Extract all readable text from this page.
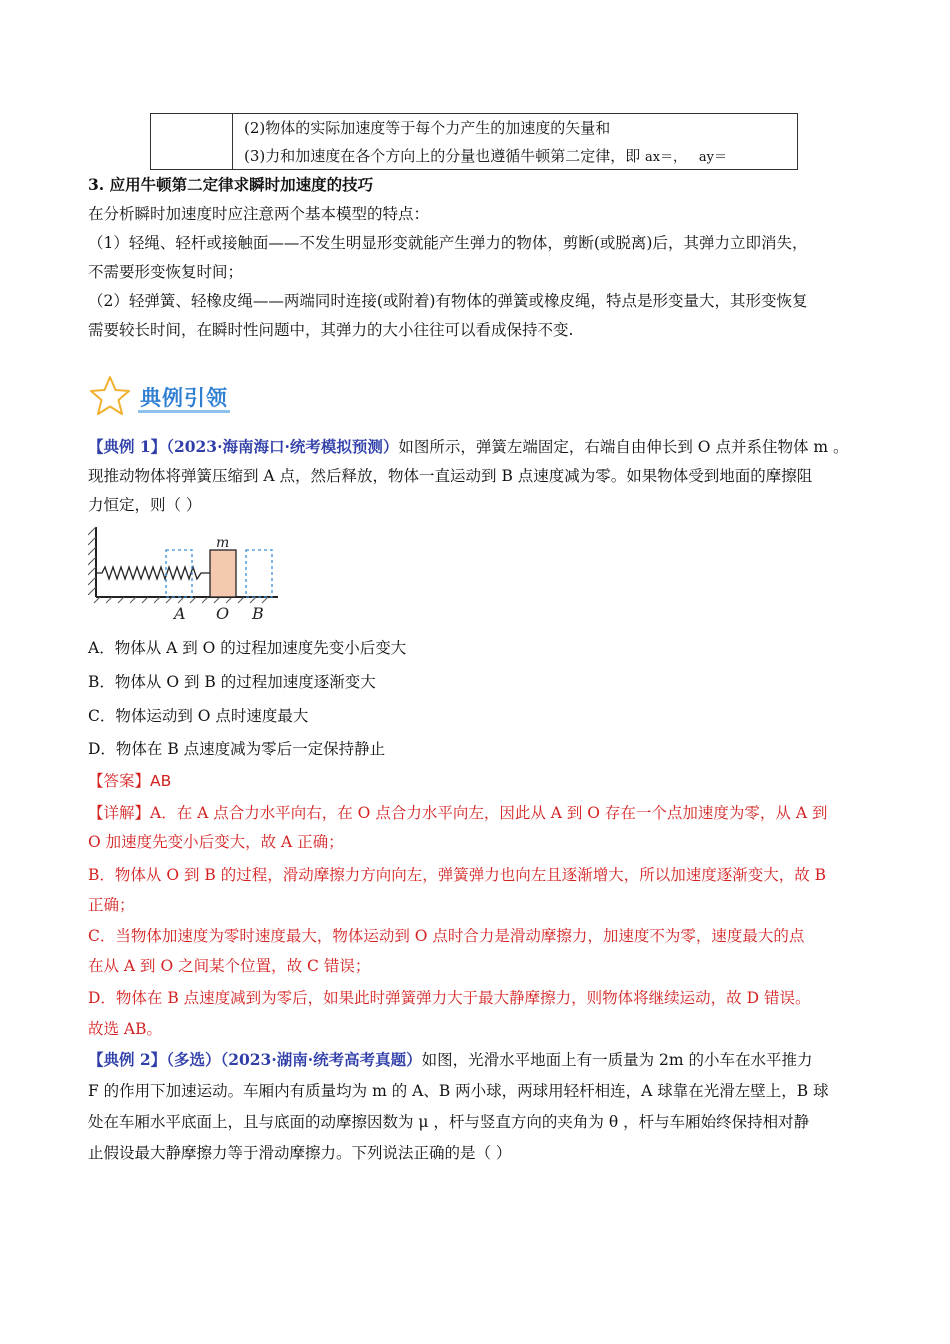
(2)物体的实际加速度等于每个力产生的加速度的矢量和
(3)力和加速度在各个方向上的分量也遵循牛顿第二定律，即 ax＝， ay＝
3. 应用牛顿第二定律求瞬时加速度的技巧
在分析瞬时加速度时应注意两个基本模型的特点：
（1）轻绳、轻杆或接触面——不发生明显形变就能产生弹力的物体，剪断(或脱离)后，其弹力立即消失，
不需要形变恢复时间；
（2）轻弹簧、轻橡皮绳——两端同时连接(或附着)有物体的弹簧或橡皮绳，特点是形变量大，其形变恢复
需要较长时间，在瞬时性问题中，其弹力的大小往往可以看成保持不变.
典例引领
【典例 1】（2023·海南海口·统考模拟预测）如图所示，弹簧左端固定，右端自由伸长到 O 点并系住物体 m 。
现推动物体将弹簧压缩到 A 点，然后释放，物体一直运动到 B 点速度减为零。如果物体受到地面的摩擦阻
力恒定，则（ ）
m
A O B
A．物体从 A 到 O 的过程加速度先变小后变大
B．物体从 O 到 B 的过程加速度逐渐变大
C．物体运动到 O 点时速度最大
D．物体在 B 点速度减为零后一定保持静止
【答案】AB
【详解】A．在 A 点合力水平向右，在 O 点合力水平向左，因此从 A 到 O 存在一个点加速度为零，从 A 到
O 加速度先变小后变大，故 A 正确；
B．物体从 O 到 B 的过程，滑动摩擦力方向向左，弹簧弹力也向左且逐渐增大，所以加速度逐渐变大，故 B
正确；
C．当物体加速度为零时速度最大，物体运动到 O 点时合力是滑动摩擦力，加速度不为零，速度最大的点
在从 A 到 O 之间某个位置，故 C 错误；
D．物体在 B 点速度减到为零后，如果此时弹簧弹力大于最大静摩擦力，则物体将继续运动，故 D 错误。
故选 AB。
【典例 2】（多选）（2023·湖南·统考高考真题）如图，光滑水平地面上有一质量为 2m 的小车在水平推力
F 的作用下加速运动。车厢内有质量均为 m 的 A、B 两小球，两球用轻杆相连，A 球靠在光滑左壁上，B 球
处在车厢水平底面上，且与底面的动摩擦因数为 μ ，杆与竖直方向的夹角为 θ ，杆与车厢始终保持相对静
止假设最大静摩擦力等于滑动摩擦力。下列说法正确的是（ ）
